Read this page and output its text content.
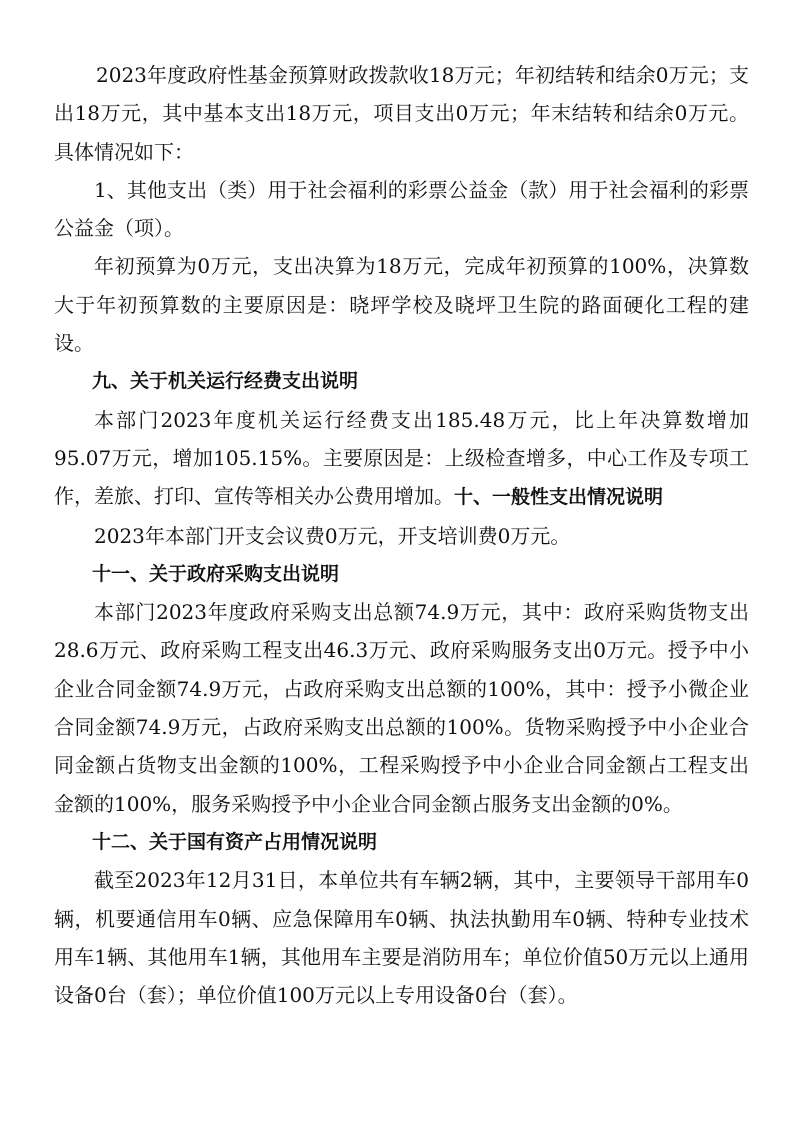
2023年度政府性基金预算财政拨款收18万元；年初结转和结余0万元；支出18万元，其中基本支出18万元，项目支出0万元；年末结转和结余0万元。具体情况如下：

1、其他支出（类）用于社会福利的彩票公益金（款）用于社会福利的彩票公益金（项）。

年初预算为0万元，支出决算为18万元，完成年初预算的100%，决算数大于年初预算数的主要原因是：晓坪学校及晓坪卫生院的路面硬化工程的建设。

九、关于机关运行经费支出说明

本部门2023年度机关运行经费支出185.48万元，比上年决算数增加95.07万元，增加105.15%。主要原因是：上级检查增多，中心工作及专项工作，差旅、打印、宣传等相关办公费用增加。十、一般性支出情况说明

2023年本部门开支会议费0万元，开支培训费0万元。

十一、关于政府采购支出说明

本部门2023年度政府采购支出总额74.9万元，其中：政府采购货物支出28.6万元、政府采购工程支出46.3万元、政府采购服务支出0万元。授予中小企业合同金额74.9万元，占政府采购支出总额的100%，其中：授予小微企业合同金额74.9万元，占政府采购支出总额的100%。货物采购授予中小企业合同金额占货物支出金额的100%，工程采购授予中小企业合同金额占工程支出金额的100%，服务采购授予中小企业合同金额占服务支出金额的0%。

十二、关于国有资产占用情况说明

截至2023年12月31日，本单位共有车辆2辆，其中，主要领导干部用车0辆，机要通信用车0辆、应急保障用车0辆、执法执勤用车0辆、特种专业技术用车1辆、其他用车1辆，其他用车主要是消防用车；单位价值50万元以上通用设备0台（套）；单位价值100万元以上专用设备0台（套）。
